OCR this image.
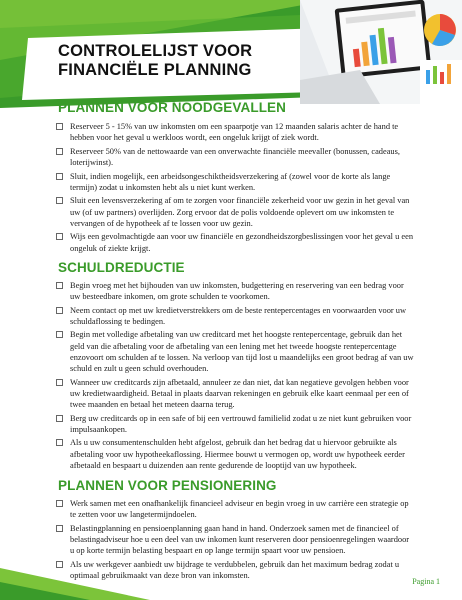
CONTROLELIJST VOOR
FINANCIËLE PLANNING
PLANNEN VOOR NOODGEVALLEN
Reserveer 5 - 15% van uw inkomsten om een spaarpotje van 12 maanden salaris achter de hand te hebben voor het geval u werkloos wordt, een ongeluk krijgt of ziek wordt.
Reserveer 50% van de nettowaarde van een onverwachte financiële meevaller (bonussen, cadeaus, loterijwinst).
Sluit, indien mogelijk, een arbeidsongeschiktheidsverzekering af (zowel voor de korte als lange termijn) zodat u inkomsten hebt als u niet kunt werken.
Sluit een levensverzekering af om te zorgen voor financiële zekerheid voor uw gezin in het geval van uw (of uw partners) overlijden. Zorg ervoor dat de polis voldoende oplevert om uw inkomsten te vervangen of de hypotheek af te lossen voor uw gezin.
Wijs een gevolmachtigde aan voor uw financiële en gezondheidszorgbeslissingen voor het geval u een ongeluk of ziekte krijgt.
SCHULDREDUCTIE
Begin vroeg met het bijhouden van uw inkomsten, budgettering en reservering van een bedrag voor uw besteedbare inkomen, om grote schulden te voorkomen.
Neem contact op met uw kredietverstrekkers om de beste rentepercentages en voorwaarden voor uw schuldaflossing te bedingen.
Begin met volledige afbetaling van uw creditcard met het hoogste rentepercentage, gebruik dan het geld van die afbetaling voor de afbetaling van een lening met het tweede hoogste rentepercentage enzovoort om schulden af te lossen. Na verloop van tijd lost u maandelijks een groot bedrag af van uw schuld en zult u geen schuld overhouden.
Wanneer uw creditcards zijn afbetaald, annuleer ze dan niet, dat kan negatieve gevolgen hebben voor uw kredietwaardigheid. Betaal in plaats daarvan rekeningen en gebruik elke kaart eenmaal per een of twee maanden en betaal het meteen daarna terug.
Berg uw creditcards op in een safe of bij een vertrouwd familielid zodat u ze niet kunt gebruiken voor impulsaankopen.
Als u uw consumentenschulden hebt afgelost, gebruik dan het bedrag dat u hiervoor gebruikte als afbetaling voor uw hypotheekaflossing. Hiermee bouwt u vermogen op, wordt uw hypotheek eerder afbetaald en bespaart u duizenden aan rente gedurende de looptijd van uw hypotheek.
PLANNEN VOOR PENSIONERING
Werk samen met een onafhankelijk financieel adviseur en begin vroeg in uw carrière een strategie op te zetten voor uw langetermijndoelen.
Belastingplanning en pensioenplanning gaan hand in hand. Onderzoek samen met de financieel of belastingadviseur hoe u een deel van uw inkomen kunt reserveren door pensioenregelingen waardoor u op korte termijn belasting bespaart en op lange termijn spaart voor uw pensioen.
Als uw werkgever aanbiedt uw bijdrage te verdubbelen, gebruik dan het maximum bedrag zodat u optimaal gebruikmaakt van deze bron van inkomsten.
Pagina 1
